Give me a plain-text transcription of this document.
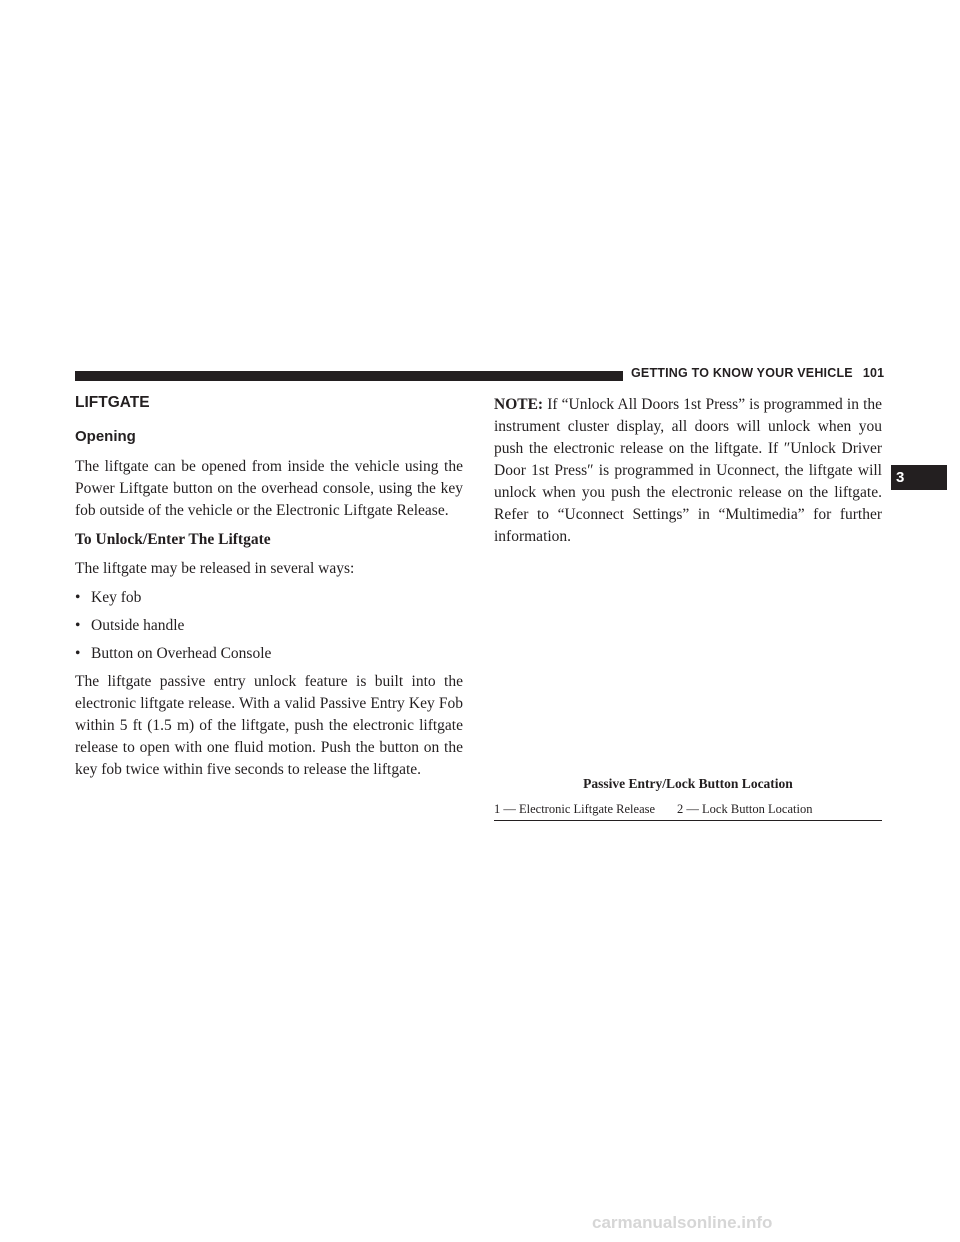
GETTING TO KNOW YOUR VEHICLE 101
3
LIFTGATE
Opening

The liftgate can be opened from inside the vehicle using the Power Liftgate button on the overhead console, using the key fob outside of the vehicle or the Electronic Liftgate Release.

To Unlock/Enter The Liftgate

The liftgate may be released in several ways:

• Key fob
• Outside handle
• Button on Overhead Console

The liftgate passive entry unlock feature is built into the electronic liftgate release. With a valid Passive Entry Key Fob within 5 ft (1.5 m) of the liftgate, push the electronic liftgate release to open with one fluid motion. Push the button on the key fob twice within five seconds to release the liftgate.

NOTE: If “Unlock All Doors 1st Press” is programmed in the instrument cluster display, all doors will unlock when you push the electronic release on the liftgate. If ″Unlock Driver Door 1st Press″ is programmed in Uconnect, the liftgate will unlock when you push the electronic release on the liftgate. Refer to “Uconnect Settings” in “Multimedia” for further information.

Passive Entry/Lock Button Location
1 — Electronic Liftgate Release 2 — Lock Button Location
carmanualsonline.info
